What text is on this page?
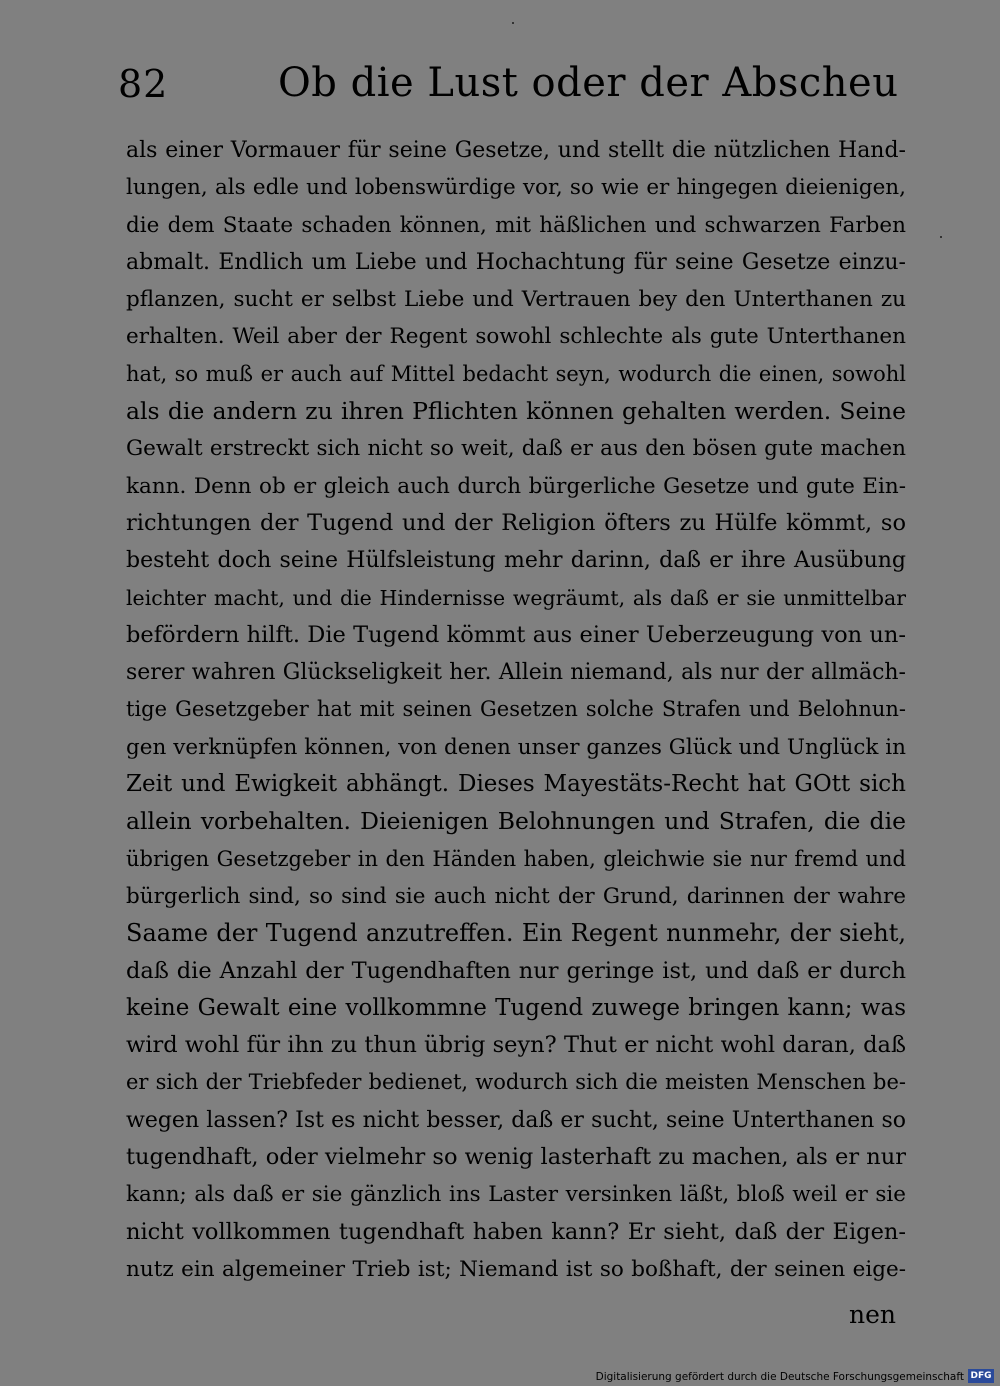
82	Ob die Lust oder der Abscheu
als einer Vormauer für seine Gesetze, und stellt die nützlichen Hand-
lungen, als edle und lobenswürdige vor, so wie er hingegen dieienigen,
die dem Staate schaden können, mit häßlichen und schwarzen Farben
abmalt. Endlich um Liebe und Hochachtung für seine Gesetze einzu-
pflanzen, sucht er selbst Liebe und Vertrauen bey den Unterthanen zu
erhalten. Weil aber der Regent sowohl schlechte als gute Unterthanen
hat, so muß er auch auf Mittel bedacht seyn, wodurch die einen, sowohl
als die andern zu ihren Pflichten können gehalten werden. Seine
Gewalt erstreckt sich nicht so weit, daß er aus den bösen gute machen
kann. Denn ob er gleich auch durch bürgerliche Gesetze und gute Ein-
richtungen der Tugend und der Religion öfters zu Hülfe kömmt, so
besteht doch seine Hülfsleistung mehr darinn, daß er ihre Ausübung
leichter macht, und die Hindernisse wegräumt, als daß er sie unmittelbar
befördern hilft. Die Tugend kömmt aus einer Ueberzeugung von un-
serer wahren Glückseligkeit her. Allein niemand, als nur der allmäch-
tige Gesetzgeber hat mit seinen Gesetzen solche Strafen und Belohnun-
gen verknüpfen können, von denen unser ganzes Glück und Unglück in
Zeit und Ewigkeit abhängt. Dieses Mayestäts-Recht hat GOtt sich
allein vorbehalten. Dieienigen Belohnungen und Strafen, die die
übrigen Gesetzgeber in den Händen haben, gleichwie sie nur fremd und
bürgerlich sind, so sind sie auch nicht der Grund, darinnen der wahre
Saame der Tugend anzutreffen. Ein Regent nunmehr, der sieht,
daß die Anzahl der Tugendhaften nur geringe ist, und daß er durch
keine Gewalt eine vollkommne Tugend zuwege bringen kann; was
wird wohl für ihn zu thun übrig seyn? Thut er nicht wohl daran, daß
er sich der Triebfeder bedienet, wodurch sich die meisten Menschen be-
wegen lassen? Ist es nicht besser, daß er sucht, seine Unterthanen so
tugendhaft, oder vielmehr so wenig lasterhaft zu machen, als er nur
kann; als daß er sie gänzlich ins Laster versinken läßt, bloß weil er sie
nicht vollkommen tugendhaft haben kann? Er sieht, daß der Eigen-
nutz ein algemeiner Trieb ist; Niemand ist so boßhaft, der seinen eige-
nen
Digitalisierung gefördert durch die Deutsche Forschungsgemeinschaft DFG
